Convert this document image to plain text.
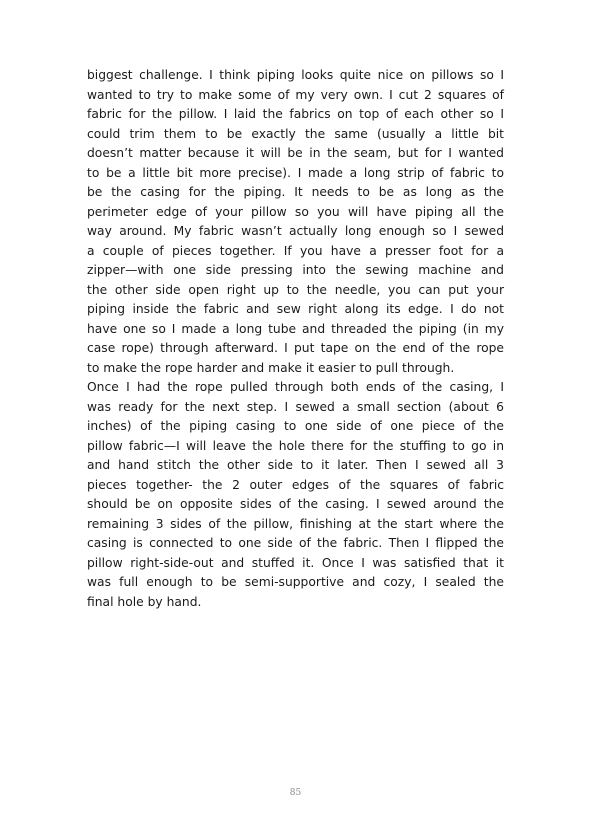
biggest challenge. I think piping looks quite nice on pillows so I
wanted to try to make some of my very own. I cut 2 squares of
fabric for the pillow. I laid the fabrics on top of each other so I
could trim them to be exactly the same (usually a little bit
doesn’t matter because it will be in the seam, but for I wanted
to be a little bit more precise). I made a long strip of fabric to
be the casing for the piping. It needs to be as long as the
perimeter edge of your pillow so you will have piping all the
way around. My fabric wasn’t actually long enough so I sewed
a couple of pieces together. If you have a presser foot for a
zipper—with one side pressing into the sewing machine and
the other side open right up to the needle, you can put your
piping inside the fabric and sew right along its edge. I do not
have one so I made a long tube and threaded the piping (in my
case rope) through afterward. I put tape on the end of the rope
to make the rope harder and make it easier to pull through.
Once I had the rope pulled through both ends of the casing, I
was ready for the next step. I sewed a small section (about 6
inches) of the piping casing to one side of one piece of the
pillow fabric—I will leave the hole there for the stuffing to go in
and hand stitch the other side to it later. Then I sewed all 3
pieces together- the 2 outer edges of the squares of fabric
should be on opposite sides of the casing. I sewed around the
remaining 3 sides of the pillow, finishing at the start where the
casing is connected to one side of the fabric. Then I flipped the
pillow right-side-out and stuffed it. Once I was satisfied that it
was full enough to be semi-supportive and cozy, I sealed the
final hole by hand.
85
